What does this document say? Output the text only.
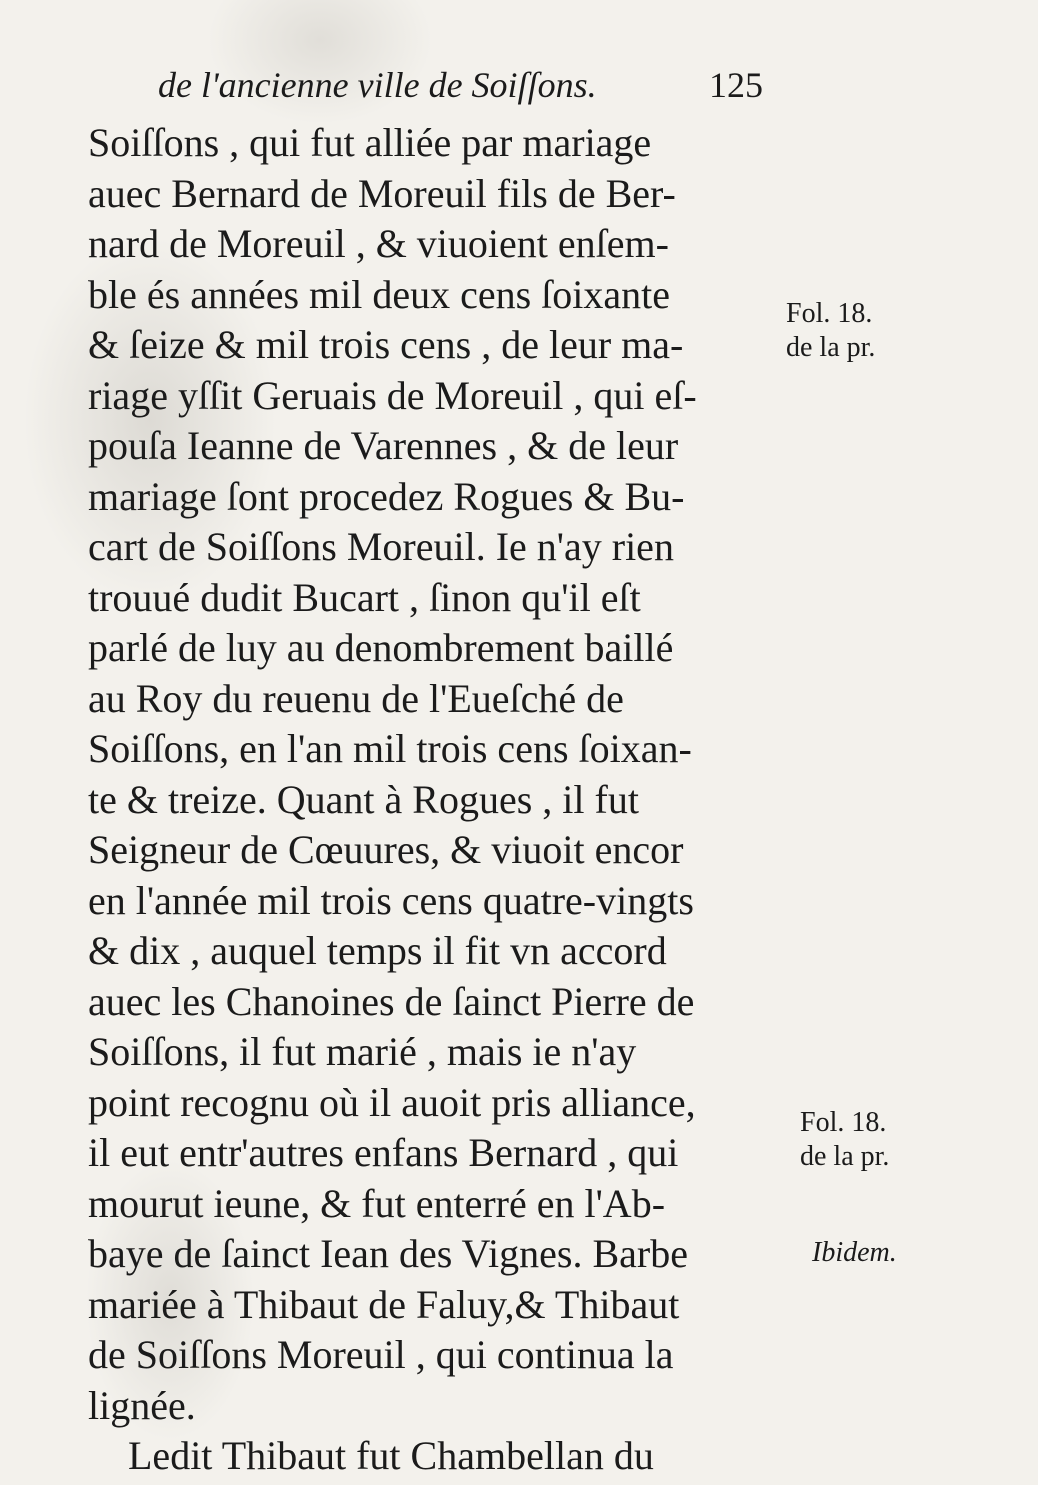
de l'ancienne ville de Soiſſons.	125
Soiſſons , qui fut alliée par mariage
auec Bernard de Moreuil fils de Ber-
nard de Moreuil , & viuoient enſem-
ble és années mil deux cens ſoixante
& ſeize & mil trois cens , de leur ma-
riage yſſit Geruais de Moreuil , qui eſ-
pouſa Ieanne de Varennes , & de leur
mariage ſont procedez Rogues & Bu-
cart de Soiſſons Moreuil. Ie n'ay rien
trouué dudit Bucart , ſinon qu'il eſt
parlé de luy au denombrement baillé
au Roy du reuenu de l'Eueſché de
Soiſſons, en l'an mil trois cens ſoixan-
te & treize. Quant à Rogues , il fut
Seigneur de Cœuures, & viuoit encor
en l'année mil trois cens quatre-vingts
& dix , auquel temps il fit vn accord
auec les Chanoines de ſainct Pierre de
Soiſſons, il fut marié , mais ie n'ay
point recognu où il auoit pris alliance,
il eut entr'autres enfans Bernard , qui
mourut ieune, & fut enterré en l'Ab-
baye de ſainct Iean des Vignes. Barbe
mariée à Thibaut de Faluy,& Thibaut
de Soiſſons Moreuil , qui continua la
lignée.
Ledit Thibaut fut Chambellan du
Fol. 18.
de la pr.
Fol. 18.
de la pr.
Ibidem.
